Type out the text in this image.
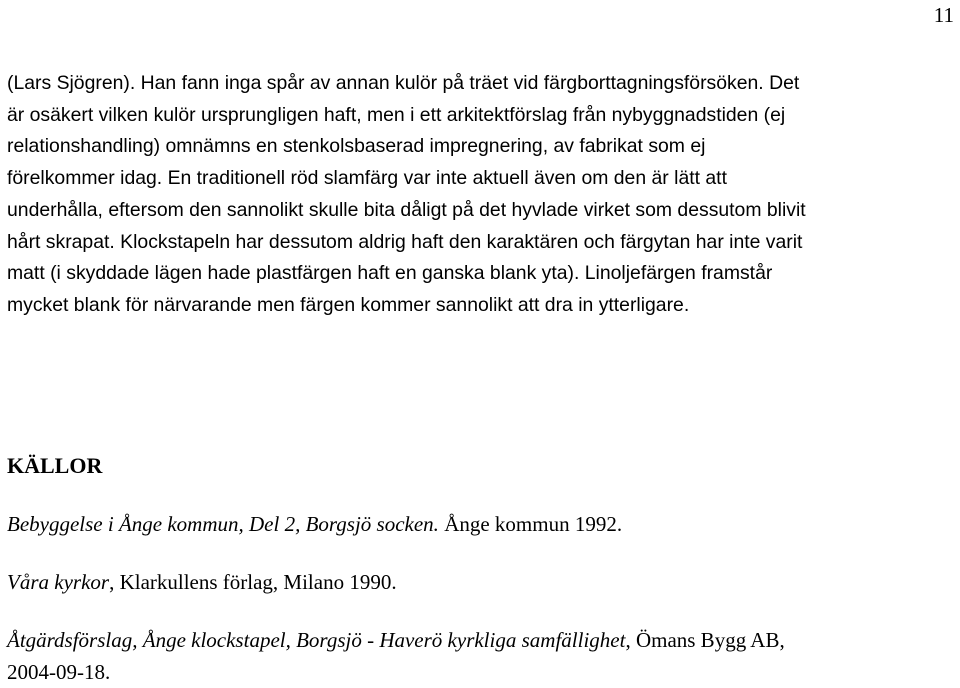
11

(Lars Sjögren). Han fann inga spår av annan kulör på träet vid färgborttagningsförsöken. Det
är osäkert vilken kulör ursprungligen haft, men i ett arkitektförslag från nybyggnadstiden (ej
relationshandling) omnämns en stenkolsbaserad impregnering, av fabrikat som ej
förelkommer idag. En traditionell röd slamfärg var inte aktuell även om den är lätt att
underhålla, eftersom den sannolikt skulle bita dåligt på det hyvlade virket som dessutom blivit
hårt skrapat. Klockstapeln har dessutom aldrig haft den karaktären och färgytan har inte varit
matt (i skyddade lägen hade plastfärgen haft en ganska blank yta). Linoljefärgen framstår
mycket blank för närvarande men färgen kommer sannolikt att dra in ytterligare.

KÄLLOR

Bebyggelse i Ånge kommun, Del 2, Borgsjö socken. Ånge kommun 1992.

Våra kyrkor, Klarkullens förlag, Milano 1990.

Åtgärdsförslag, Ånge klockstapel, Borgsjö - Haverö kyrkliga samfällighet, Ömans Bygg AB,
2004-09-18.
